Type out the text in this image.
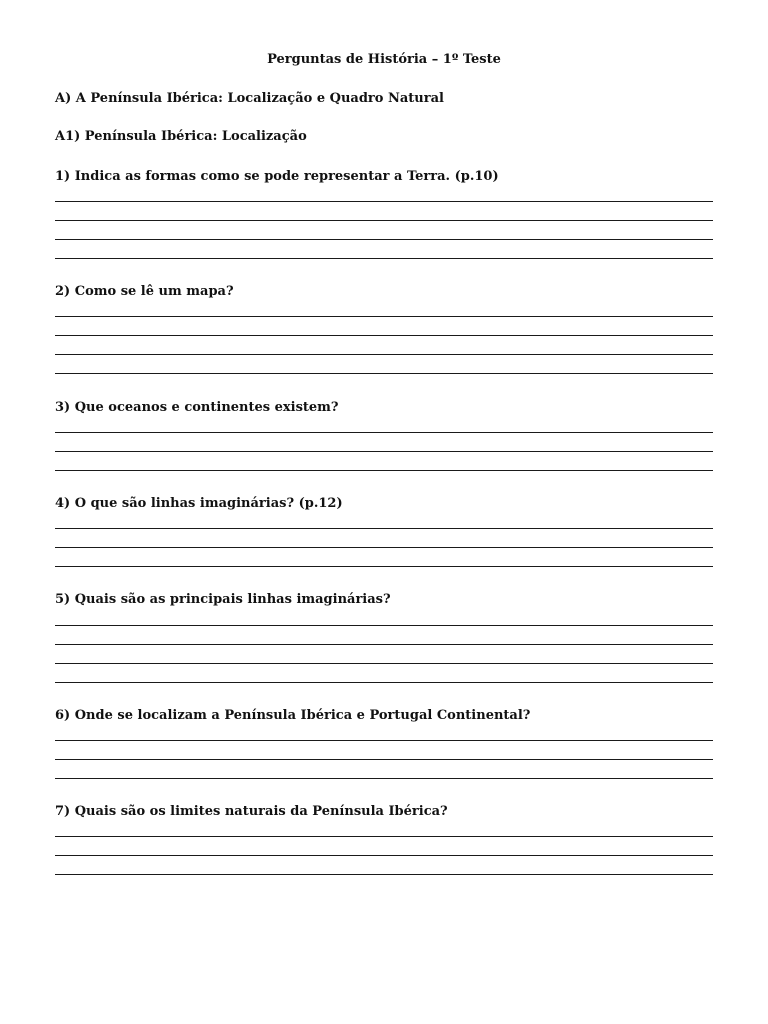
Perguntas de História – 1º Teste
A) A Península Ibérica: Localização e Quadro Natural
A1) Península Ibérica: Localização
1) Indica as formas como se pode representar a Terra. (p.10)
2) Como se lê um mapa?
3) Que oceanos e continentes existem?
4) O que são linhas imaginárias? (p.12)
5) Quais são as principais linhas imaginárias?
6) Onde se localizam a Península Ibérica e Portugal Continental?
7) Quais são os limites naturais da Península Ibérica?
